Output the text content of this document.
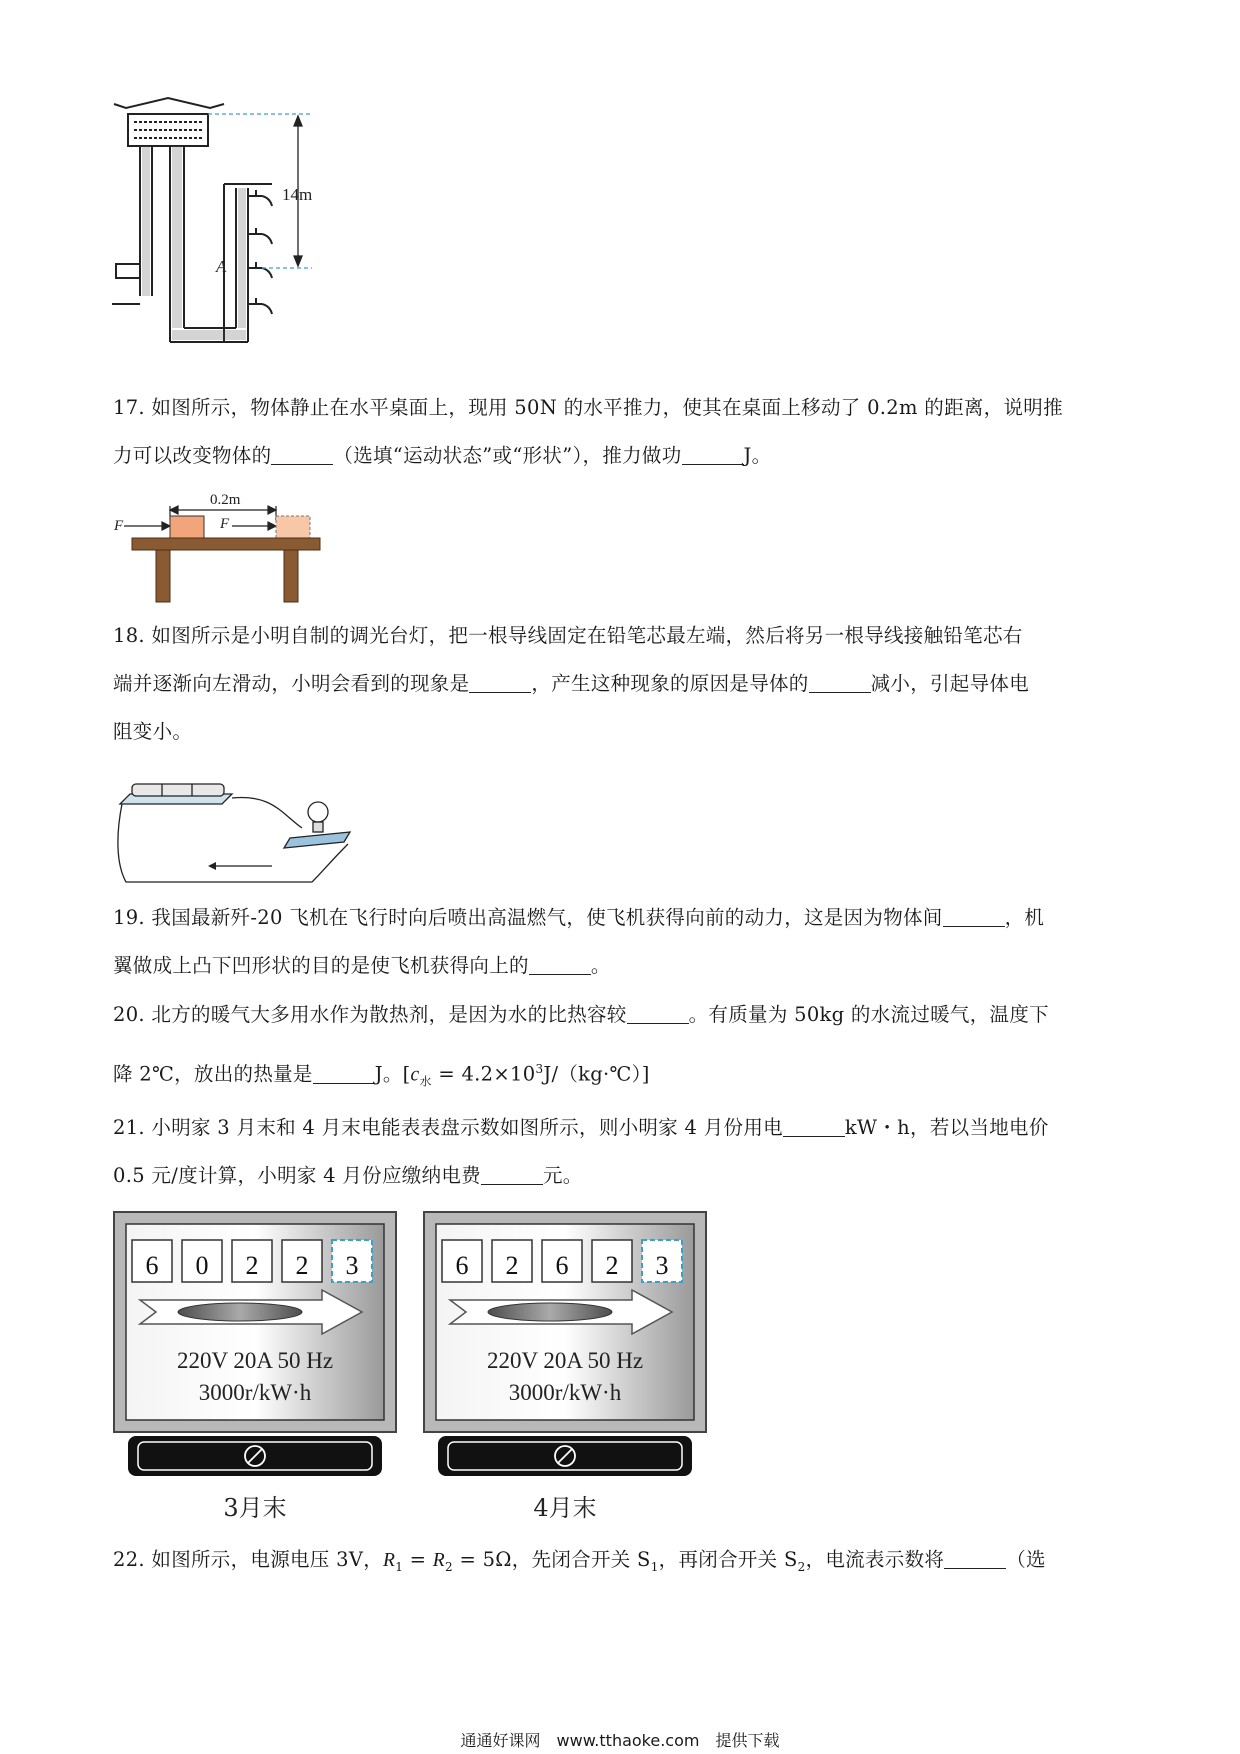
14m
A
17. 如图所示，物体静止在水平桌面上，现用 50N 的水平推力，使其在桌面上移动了 0.2m 的距离，说明推
力可以改变物体的	（选填“运动状态”或“形状”），推力做功	J。
0.2m
F	F
18. 如图所示是小明自制的调光台灯，把一根导线固定在铅笔芯最左端，然后将另一根导线接触铅笔芯右
端并逐渐向左滑动，小明会看到的现象是	，产生这种现象的原因是导体的	减小，引起导体电
阻变小。
19. 我国最新歼-20 飞机在飞行时向后喷出高温燃气，使飞机获得向前的动力，这是因为物体间	，机
翼做成上凸下凹形状的目的是使飞机获得向上的	。
20. 北方的暖气大多用水作为散热剂，是因为水的比热容较	。有质量为 50kg 的水流过暖气，温度下
降 2℃，放出的热量是	J。[$c_水$ = $4.2\times 10^3J/(kg\cdot℃)$]
21. 小明家 3 月末和 4 月末电能表表盘示数如图所示，则小明家 4 月份用电	kW・h，若以当地电价
0.5 元/度计算，小明家 4 月份应缴纳电费	元。
6 0 2 2 3
220V 20A 50 Hz
3000r/kW·h
3月末
6 2 6 2 3
220V 20A 50 Hz
3000r/kW·h
4月末
22. 如图所示，电源电压 3V，$R_1 = R_2 = 5\Omega$，先闭合开关 $S_1$，再闭合开关 $S_2$，电流表示数将	（选
通通好课网　www.tthaoke.com　提供下载
